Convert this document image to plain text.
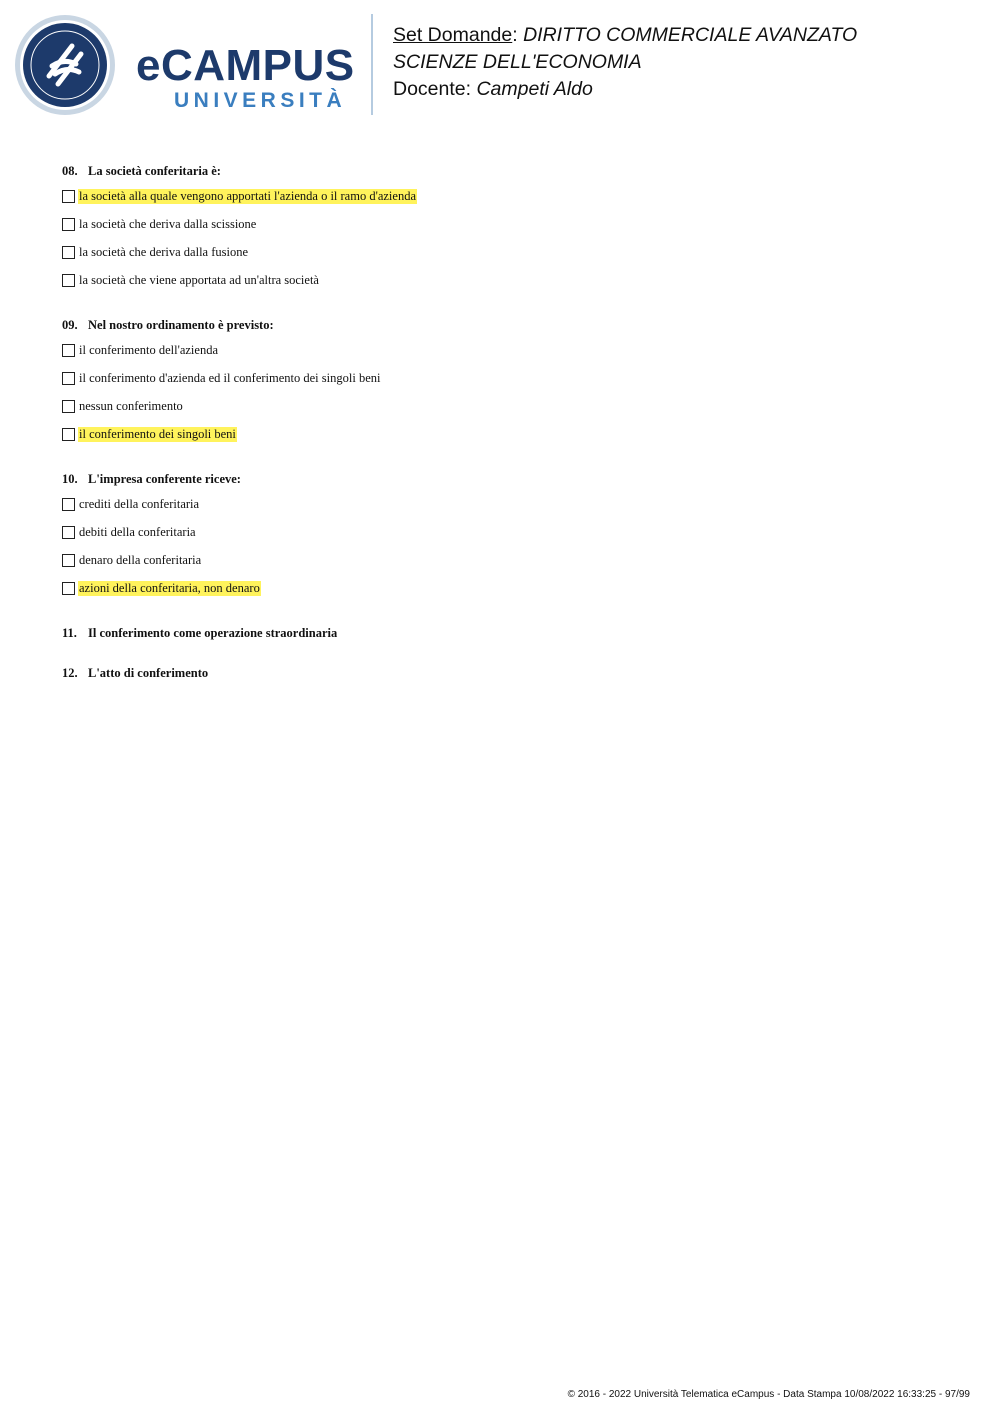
eCAMPUS
UNIVERSITÀ
Set Domande: DIRITTO COMMERCIALE AVANZATO
SCIENZE DELL'ECONOMIA
Docente: Campeti Aldo
08. La società conferitaria è:
la società alla quale vengono apportati l'azienda o il ramo d'azienda
la società che deriva dalla scissione
la società che deriva dalla fusione
la società che viene apportata ad un'altra società
09. Nel nostro ordinamento è previsto:
il conferimento dell'azienda
il conferimento d'azienda ed il conferimento dei singoli beni
nessun conferimento
il conferimento dei singoli beni
10. L'impresa conferente riceve:
crediti della conferitaria
debiti della conferitaria
denaro della conferitaria
azioni della conferitaria, non denaro
11. Il conferimento come operazione straordinaria
12. L'atto di conferimento
© 2016 - 2022 Università Telematica eCampus - Data Stampa 10/08/2022 16:33:25 - 97/99
